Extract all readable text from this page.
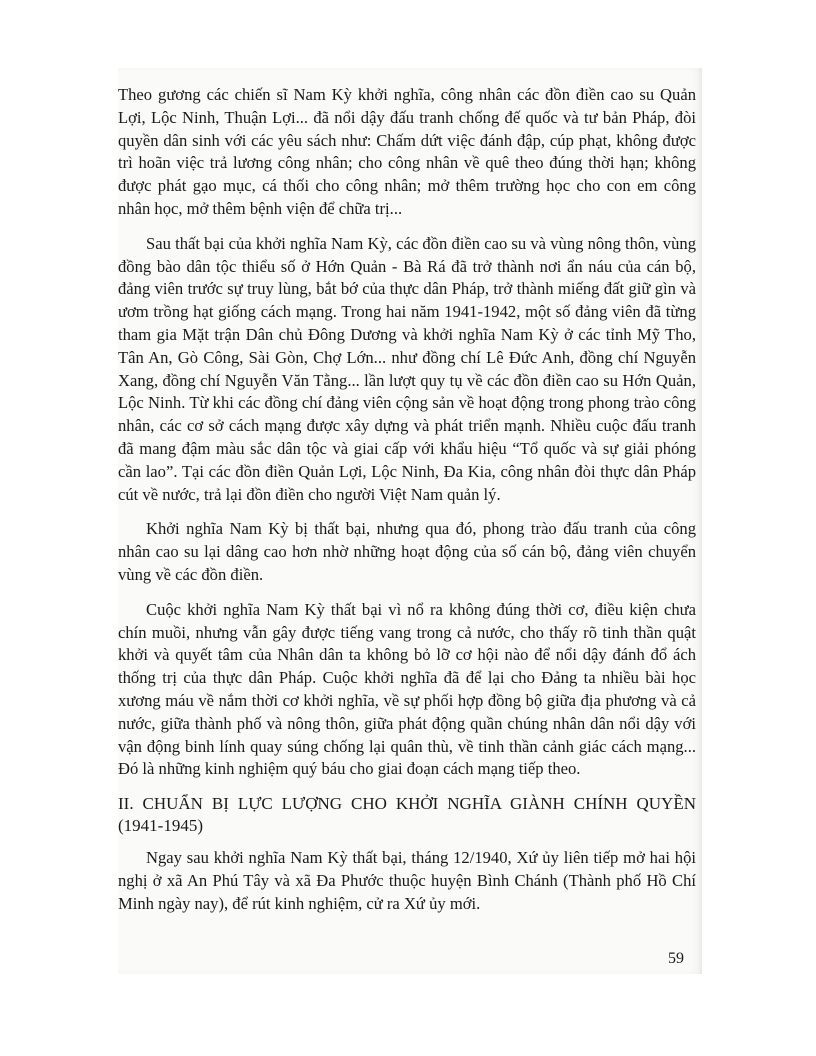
Theo gương các chiến sĩ Nam Kỳ khởi nghĩa, công nhân các đồn điền cao su Quản Lợi, Lộc Ninh, Thuận Lợi... đã nổi dậy đấu tranh chống đế quốc và tư bản Pháp, đòi quyền dân sinh với các yêu sách như: Chấm dứt việc đánh đập, cúp phạt, không được trì hoãn việc trả lương công nhân; cho công nhân về quê theo đúng thời hạn; không được phát gạo mục, cá thối cho công nhân; mở thêm trường học cho con em công nhân học, mở thêm bệnh viện để chữa trị...

Sau thất bại của khởi nghĩa Nam Kỳ, các đồn điền cao su và vùng nông thôn, vùng đồng bào dân tộc thiểu số ở Hớn Quản - Bà Rá đã trở thành nơi ẩn náu của cán bộ, đảng viên trước sự truy lùng, bắt bớ của thực dân Pháp, trở thành miếng đất giữ gìn và ươm trồng hạt giống cách mạng. Trong hai năm 1941-1942, một số đảng viên đã từng tham gia Mặt trận Dân chủ Đông Dương và khởi nghĩa Nam Kỳ ở các tỉnh Mỹ Tho, Tân An, Gò Công, Sài Gòn, Chợ Lớn... như đồng chí Lê Đức Anh, đồng chí Nguyễn Xang, đồng chí Nguyễn Văn Tằng... lần lượt quy tụ về các đồn điền cao su Hớn Quản, Lộc Ninh. Từ khi các đồng chí đảng viên cộng sản về hoạt động trong phong trào công nhân, các cơ sở cách mạng được xây dựng và phát triển mạnh. Nhiều cuộc đấu tranh đã mang đậm màu sắc dân tộc và giai cấp với khẩu hiệu “Tổ quốc và sự giải phóng cần lao”. Tại các đồn điền Quản Lợi, Lộc Ninh, Đa Kia, công nhân đòi thực dân Pháp cút về nước, trả lại đồn điền cho người Việt Nam quản lý.

Khởi nghĩa Nam Kỳ bị thất bại, nhưng qua đó, phong trào đấu tranh của công nhân cao su lại dâng cao hơn nhờ những hoạt động của số cán bộ, đảng viên chuyển vùng về các đồn điền.

Cuộc khởi nghĩa Nam Kỳ thất bại vì nổ ra không đúng thời cơ, điều kiện chưa chín muồi, nhưng vẫn gây được tiếng vang trong cả nước, cho thấy rõ tinh thần quật khởi và quyết tâm của Nhân dân ta không bỏ lỡ cơ hội nào để nổi dậy đánh đổ ách thống trị của thực dân Pháp. Cuộc khởi nghĩa đã để lại cho Đảng ta nhiều bài học xương máu về nắm thời cơ khởi nghĩa, về sự phối hợp đồng bộ giữa địa phương và cả nước, giữa thành phố và nông thôn, giữa phát động quần chúng nhân dân nổi dậy với vận động binh lính quay súng chống lại quân thù, về tinh thần cảnh giác cách mạng... Đó là những kinh nghiệm quý báu cho giai đoạn cách mạng tiếp theo.

II. CHUẨN BỊ LỰC LƯỢNG CHO KHỞI NGHĨA GIÀNH CHÍNH QUYỀN (1941-1945)

Ngay sau khởi nghĩa Nam Kỳ thất bại, tháng 12/1940, Xứ ủy liên tiếp mở hai hội nghị ở xã An Phú Tây và xã Đa Phước thuộc huyện Bình Chánh (Thành phố Hồ Chí Minh ngày nay), để rút kinh nghiệm, cử ra Xứ ủy mới.

59
